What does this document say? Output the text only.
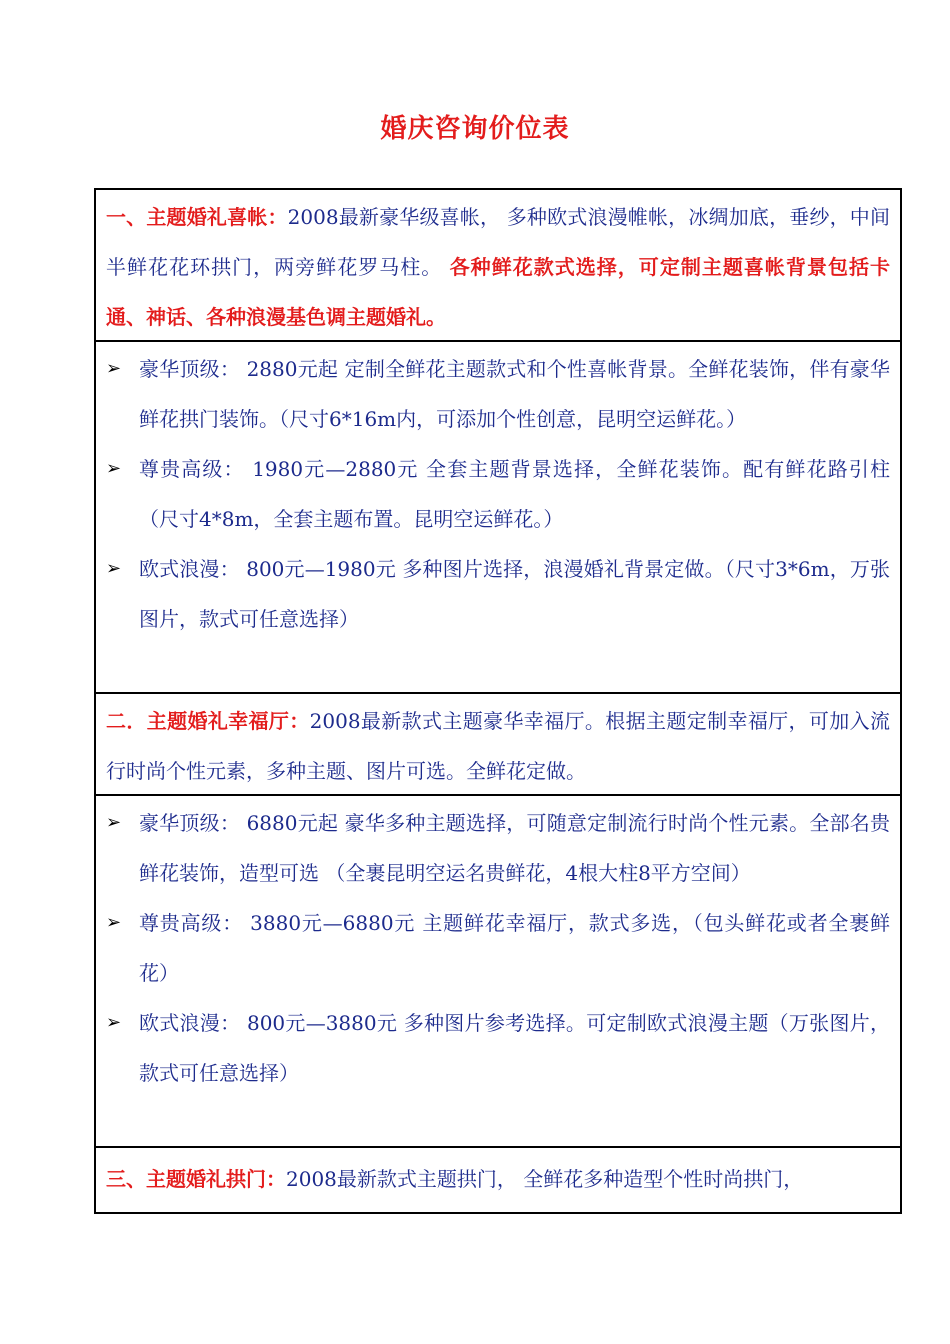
婚庆咨询价位表
一、主题婚礼喜帐：2008最新豪华级喜帐， 多种欧式浪漫帷帐，冰绸加底，垂纱，中间半鲜花花环拱门，两旁鲜花罗马柱。 各种鲜花款式选择，可定制主题喜帐背景包括卡通、神话、各种浪漫基色调主题婚礼。
➢ 豪华顶级： 2880元起 定制全鲜花主题款式和个性喜帐背景。全鲜花装饰，伴有豪华鲜花拱门装饰。（尺寸6*16m内，可添加个性创意，昆明空运鲜花。）
➢ 尊贵高级： 1980元—2880元 全套主题背景选择，全鲜花装饰。配有鲜花路引柱（尺寸4*8m，全套主题布置。昆明空运鲜花。）
➢ 欧式浪漫： 800元—1980元 多种图片选择，浪漫婚礼背景定做。（尺寸3*6m，万张图片，款式可任意选择）
二．主题婚礼幸福厅：2008最新款式主题豪华幸福厅。根据主题定制幸福厅，可加入流行时尚个性元素，多种主题、图片可选。全鲜花定做。
➢ 豪华顶级： 6880元起 豪华多种主题选择，可随意定制流行时尚个性元素。全部名贵鲜花装饰，造型可选 （全裹昆明空运名贵鲜花，4根大柱8平方空间）
➢ 尊贵高级： 3880元—6880元 主题鲜花幸福厅，款式多选，（包头鲜花或者全裹鲜花）
➢ 欧式浪漫： 800元—3880元 多种图片参考选择。可定制欧式浪漫主题（万张图片，款式可任意选择）
三、主题婚礼拱门：2008最新款式主题拱门， 全鲜花多种造型个性时尚拱门，
